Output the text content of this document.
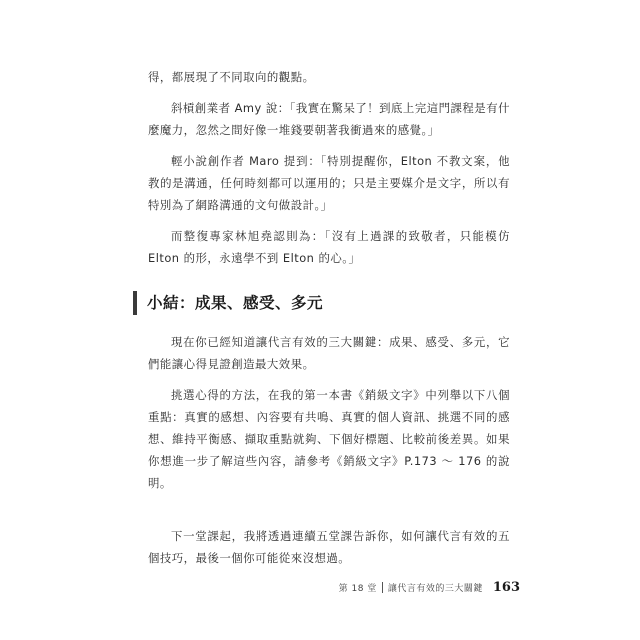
得，都展現了不同取向的觀點。

斜槓創業者 Amy 說：「我實在驚呆了！到底上完這門課程是有什麼魔力，忽然之間好像一堆錢要朝著我衝過來的感覺。」

輕小說創作者 Maro 提到：「特別提醒你，Elton 不教文案，他教的是溝通，任何時刻都可以運用的；只是主要媒介是文字，所以有特別為了網路溝通的文句做設計。」

而整復專家林旭堯認則為：「沒有上過課的致敬者，只能模仿 Elton 的形，永遠學不到 Elton 的心。」

小結：成果、感受、多元

現在你已經知道讓代言有效的三大關鍵：成果、感受、多元，它們能讓心得見證創造最大效果。

挑選心得的方法，在我的第一本書《銷級文字》中列舉以下八個重點：真實的感想、內容要有共鳴、真實的個人資訊、挑選不同的感想、維持平衡感、擷取重點就夠、下個好標題、比較前後差異。如果你想進一步了解這些內容，請參考《銷級文字》P.173 ～ 176 的說明。

下一堂課起，我將透過連續五堂課告訴你，如何讓代言有效的五個技巧，最後一個你可能從來沒想過。

第 18 堂 讓代言有效的三大關鍵 163
